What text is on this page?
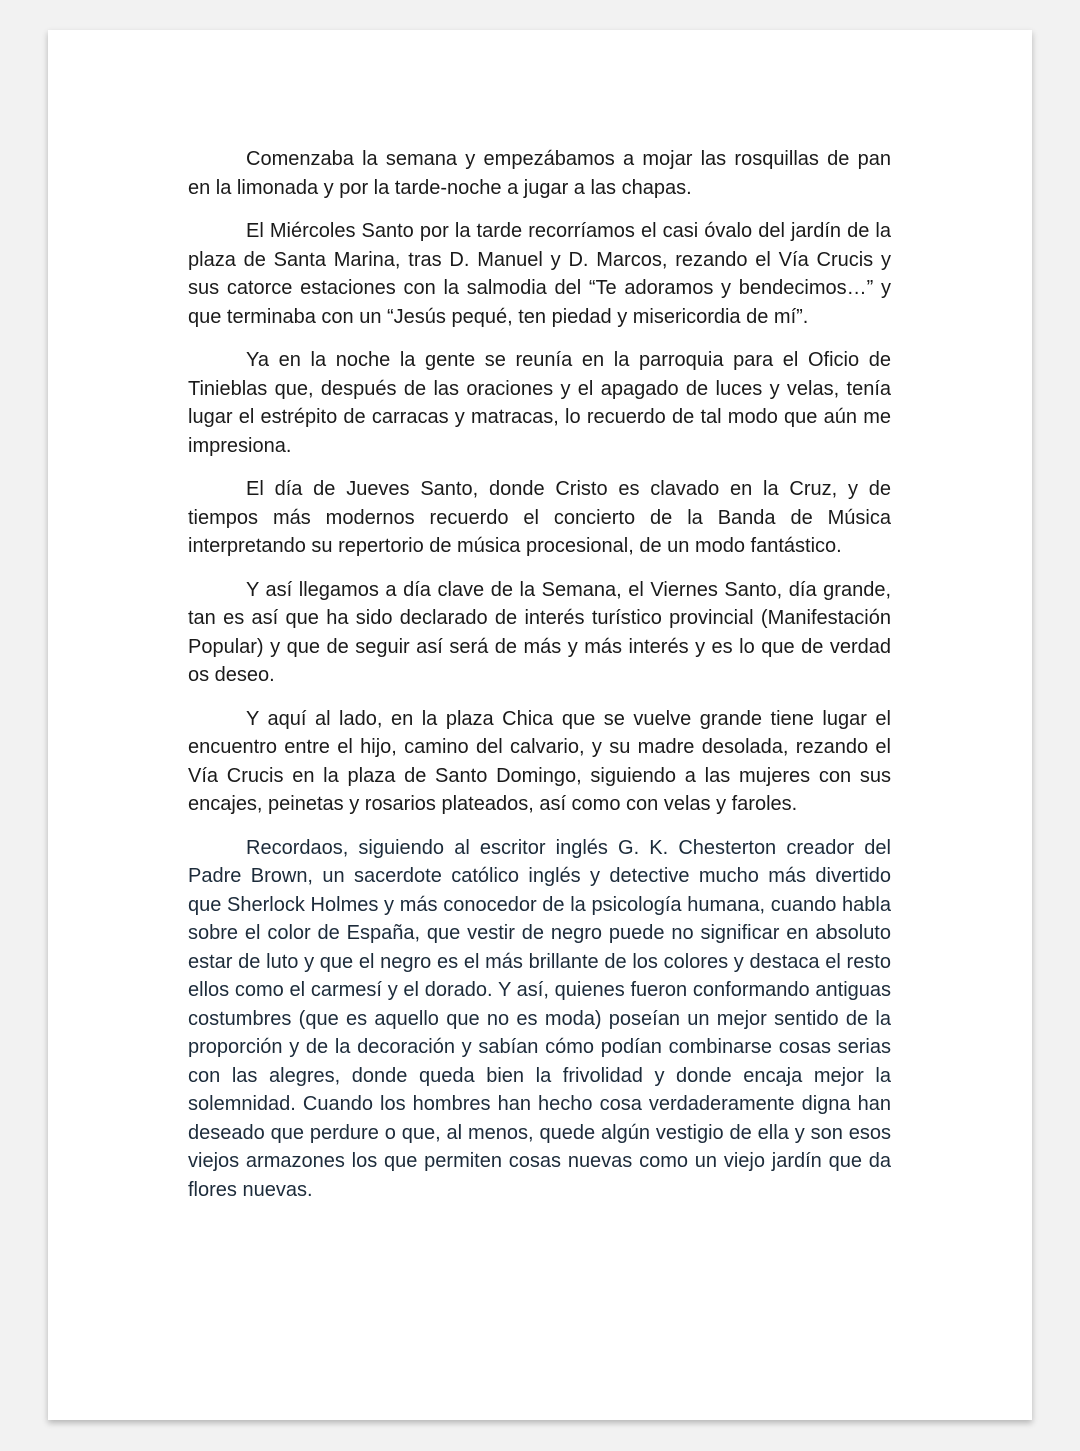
Comenzaba la semana y empezábamos a mojar las rosquillas de pan en la limonada y por la tarde-noche a jugar a las chapas.

El Miércoles Santo por la tarde recorríamos el casi óvalo del jardín de la plaza de Santa Marina, tras D. Manuel y D. Marcos, rezando el Vía Crucis y sus catorce estaciones con la salmodia del “Te adoramos y bendecimos…” y que terminaba con un “Jesús pequé, ten piedad y misericordia de mí”.

Ya en la noche la gente se reunía en la parroquia para el Oficio de Tinieblas que, después de las oraciones y el apagado de luces y velas, tenía lugar el estrépito de carracas y matracas, lo recuerdo de tal modo que aún me impresiona.

El día de Jueves Santo, donde Cristo es clavado en la Cruz, y de tiempos más modernos recuerdo el concierto de la Banda de Música interpretando su repertorio de música procesional, de un modo fantástico.

Y así llegamos a día clave de la Semana, el Viernes Santo, día grande, tan es así que ha sido declarado de interés turístico provincial (Manifestación Popular) y que de seguir así será de más y más interés y es lo que de verdad os deseo.

Y aquí al lado, en la plaza Chica que se vuelve grande tiene lugar el encuentro entre el hijo, camino del calvario, y su madre desolada, rezando el Vía Crucis en la plaza de Santo Domingo, siguiendo a las mujeres con sus encajes, peinetas y rosarios plateados, así como con velas y faroles.

Recordaos, siguiendo al escritor inglés G. K. Chesterton creador del Padre Brown, un sacerdote católico inglés y detective mucho más divertido que Sherlock Holmes y más conocedor de la psicología humana, cuando habla sobre el color de España, que vestir de negro puede no significar en absoluto estar de luto y que el negro es el más brillante de los colores y destaca el resto ellos como el carmesí y el dorado. Y así, quienes fueron conformando antiguas costumbres (que es aquello que no es moda) poseían un mejor sentido de la proporción y de la decoración y sabían cómo podían combinarse cosas serias con las alegres, donde queda bien la frivolidad y donde encaja mejor la solemnidad. Cuando los hombres han hecho cosa verdaderamente digna han deseado que perdure o que, al menos, quede algún vestigio de ella y son esos viejos armazones los que permiten cosas nuevas como un viejo jardín que da flores nuevas.
